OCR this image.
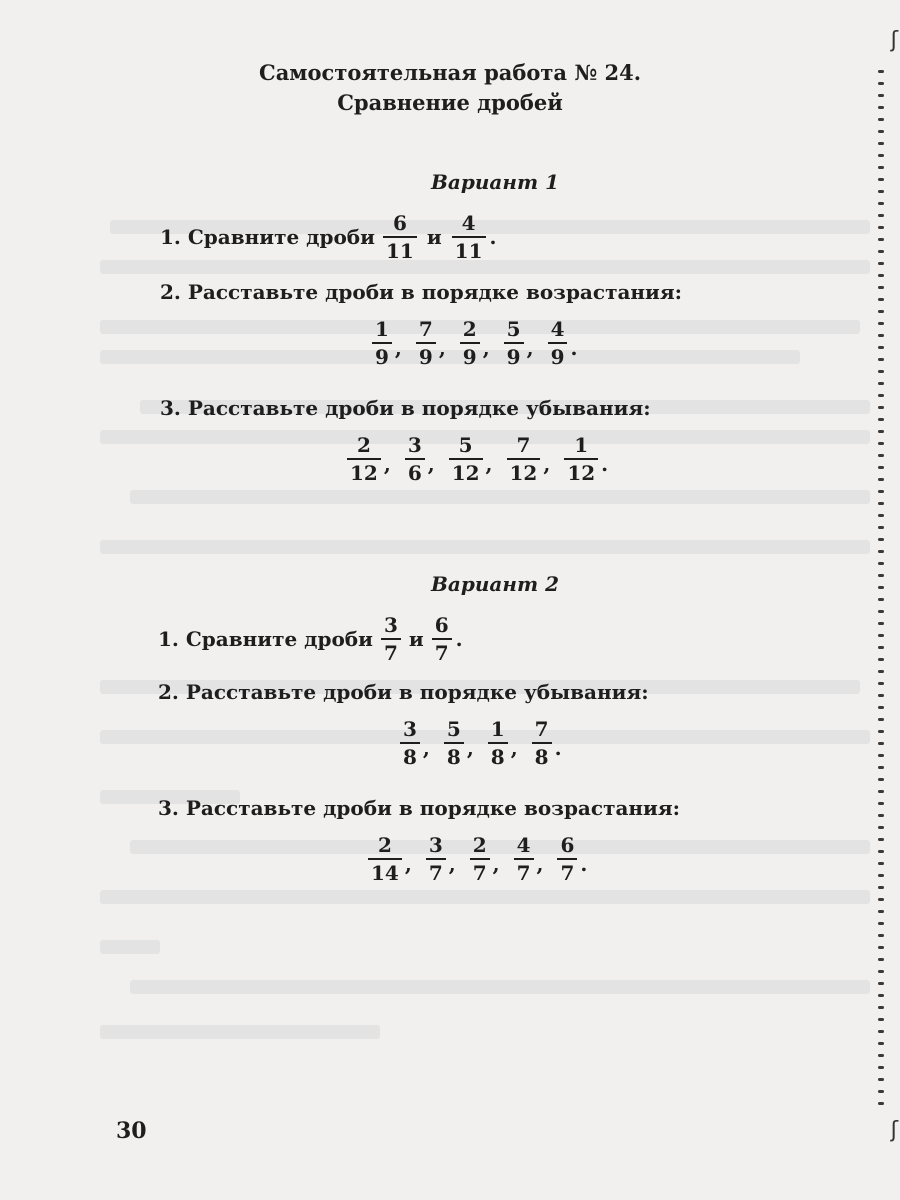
Самостоятельная работа № 24.
Сравнение дробей
Вариант 1
1. Сравните дроби $\frac{6}{11}$ и $\frac{4}{11}$ .
2. Расставьте дроби в порядке возрастания:
$\frac{1}{9}$ , $\frac{7}{9}$ , $\frac{2}{9}$ , $\frac{5}{9}$ , $\frac{4}{9}$ .
3. Расставьте дроби в порядке убывания:
$\frac{2}{12}$ , $\frac{3}{6}$ , $\frac{5}{12}$ , $\frac{7}{12}$ , $\frac{1}{12}$ .
Вариант 2
1. Сравните дроби $\frac{3}{7}$ и $\frac{6}{7}$ .
2. Расставьте дроби в порядке убывания:
$\frac{3}{8}$ , $\frac{5}{8}$ , $\frac{1}{8}$ , $\frac{7}{8}$ .
3. Расставьте дроби в порядке возрастания:
$\frac{2}{14}$ , $\frac{3}{7}$ , $\frac{2}{7}$ , $\frac{4}{7}$ , $\frac{6}{7}$ .
30
ʃ
ʃ
